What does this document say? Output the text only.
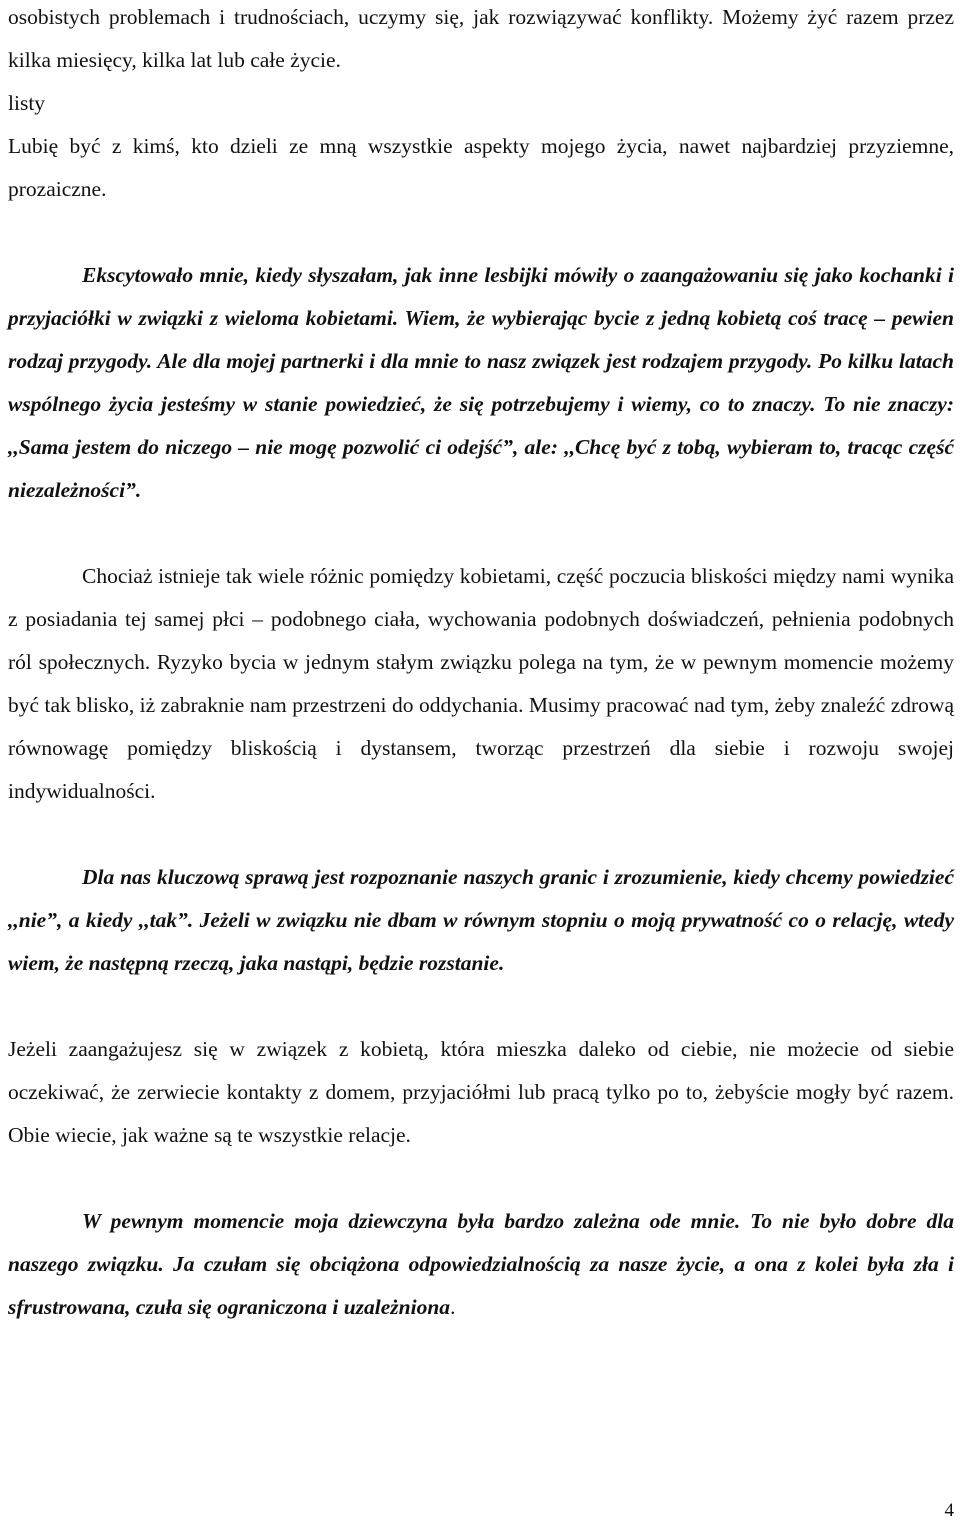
osobistych problemach i trudnościach, uczymy się, jak rozwiązywać konflikty. Możemy żyć razem przez kilka miesięcy, kilka lat lub całe życie.

listy

Lubię być z kimś, kto dzieli ze mną wszystkie aspekty mojego życia, nawet najbardziej przyziemne, prozaiczne.

Ekscytowało mnie, kiedy słyszałam, jak inne lesbijki mówiły o zaangażowaniu się jako kochanki i przyjaciółki w związki z wieloma kobietami. Wiem, że wybierając bycie z jedną kobietą coś tracę – pewien rodzaj przygody. Ale dla mojej partnerki i dla mnie to nasz związek jest rodzajem przygody. Po kilku latach wspólnego życia jesteśmy w stanie powiedzieć, że się potrzebujemy i wiemy, co to znaczy. To nie znaczy: ,,Sama jestem do niczego – nie mogę pozwolić ci odejść”, ale: ,,Chcę być z tobą, wybieram to, tracąc część niezależności”.

Chociaż istnieje tak wiele różnic pomiędzy kobietami, część poczucia bliskości między nami wynika z posiadania tej samej płci – podobnego ciała, wychowania podobnych doświadczeń, pełnienia podobnych ról społecznych. Ryzyko bycia w jednym stałym związku polega na tym, że w pewnym momencie możemy być tak blisko, iż zabraknie nam przestrzeni do oddychania. Musimy pracować nad tym, żeby znaleźć zdrową równowagę pomiędzy bliskością i dystansem, tworząc przestrzeń dla siebie i rozwoju swojej indywidualności.

Dla nas kluczową sprawą jest rozpoznanie naszych granic i zrozumienie, kiedy chcemy powiedzieć ,,nie”, a kiedy ,,tak”. Jeżeli w związku nie dbam w równym stopniu o moją prywatność co o relację, wtedy wiem, że następną rzeczą, jaka nastąpi, będzie rozstanie.

Jeżeli zaangażujesz się w związek z kobietą, która mieszka daleko od ciebie, nie możecie od siebie oczekiwać, że zerwiecie kontakty z domem, przyjaciółmi lub pracą tylko po to, żebyście mogły być razem. Obie wiecie, jak ważne są te wszystkie relacje.

W pewnym momencie moja dziewczyna była bardzo zależna ode mnie. To nie było dobre dla naszego związku. Ja czułam się obciążona odpowiedzialnością za nasze życie, a ona z kolei była zła i sfrustrowana, czuła się ograniczona i uzależniona.

4
